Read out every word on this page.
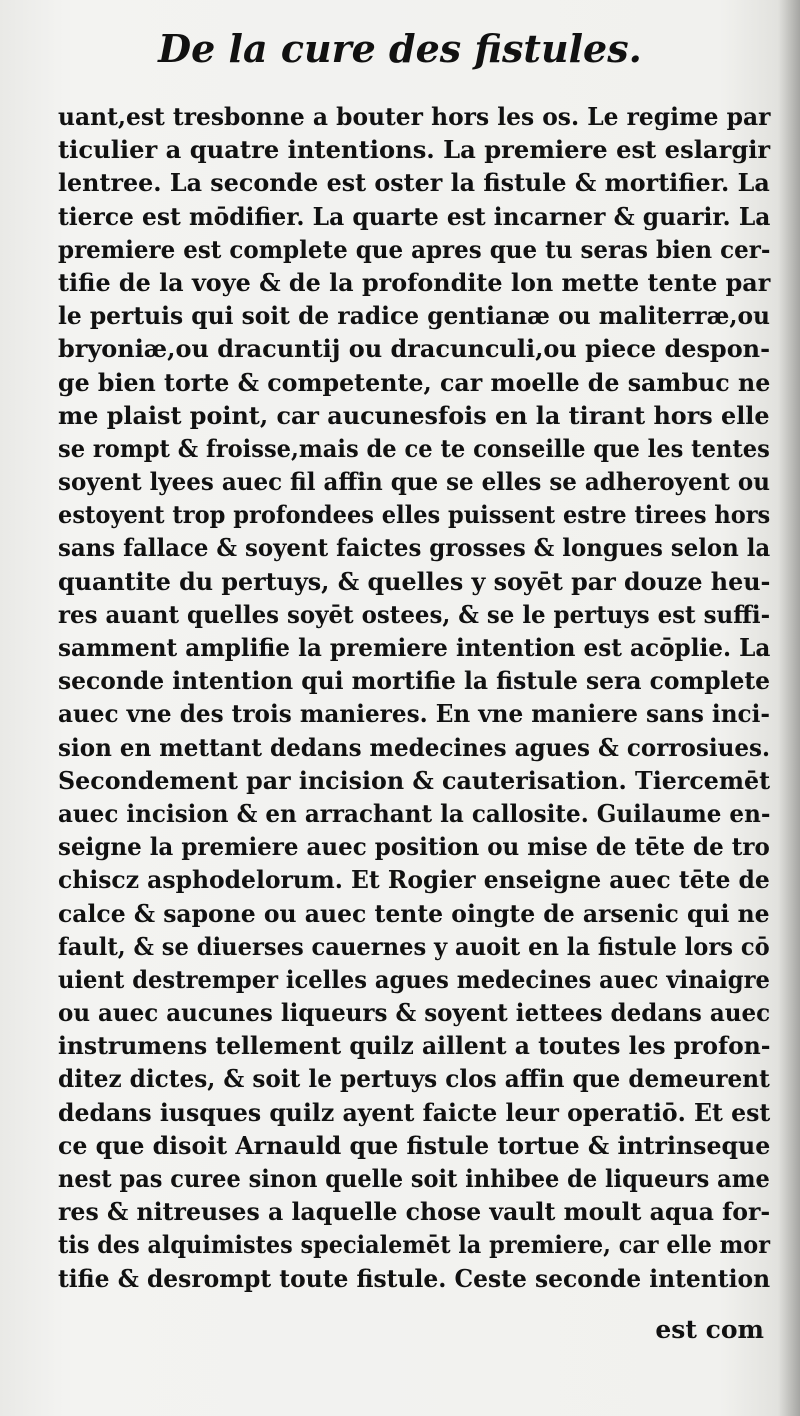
De la cure des fistules.
uant,est tresbonne a bouter hors les os. Le regime par
ticulier a quatre intentions. La premiere est eslargir
lentree. La seconde est oster la fistule & mortifier. La
tierce est mōdifier. La quarte est incarner & guarir. La
premiere est complete que apres que tu seras bien cer-
tifie de la voye & de la profondite lon mette tente par
le pertuis qui soit de radice gentianæ ou maliterræ,ou
bryoniæ,ou dracuntij ou dracunculi,ou piece despon-
ge bien torte & competente, car moelle de sambuc ne
me plaist point, car aucunesfois en la tirant hors elle
se rompt & froisse,mais de ce te conseille que les tentes
soyent lyees auec fil affin que se elles se adheroyent ou
estoyent trop profondees elles puissent estre tirees hors
sans fallace & soyent faictes grosses & longues selon la
quantite du pertuys, & quelles y soyēt par douze heu-
res auant quelles soyēt ostees, & se le pertuys est suffi-
samment amplifie la premiere intention est acōplie. La
seconde intention qui mortifie la fistule sera complete
auec vne des trois manieres. En vne maniere sans inci-
sion en mettant dedans medecines agues & corrosiues.
Secondement par incision & cauterisation. Tiercemēt
auec incision & en arrachant la callosite. Guilaume en-
seigne la premiere auec position ou mise de tēte de tro
chiscz asphodelorum. Et Rogier enseigne auec tēte de
calce & sapone ou auec tente oingte de arsenic qui ne
fault, & se diuerses cauernes y auoit en la fistule lors cō
uient destremper icelles agues medecines auec vinaigre
ou auec aucunes liqueurs & soyent iettees dedans auec
instrumens tellement quilz aillent a toutes les profon-
ditez dictes, & soit le pertuys clos affin que demeurent
dedans iusques quilz ayent faicte leur operatiō. Et est
ce que disoit Arnauld que fistule tortue & intrinseque
nest pas curee sinon quelle soit inhibee de liqueurs ame
res & nitreuses a laquelle chose vault moult aqua for-
tis des alquimistes specialemēt la premiere, car elle mor
tifie & desrompt toute fistule. Ceste seconde intention
est com
